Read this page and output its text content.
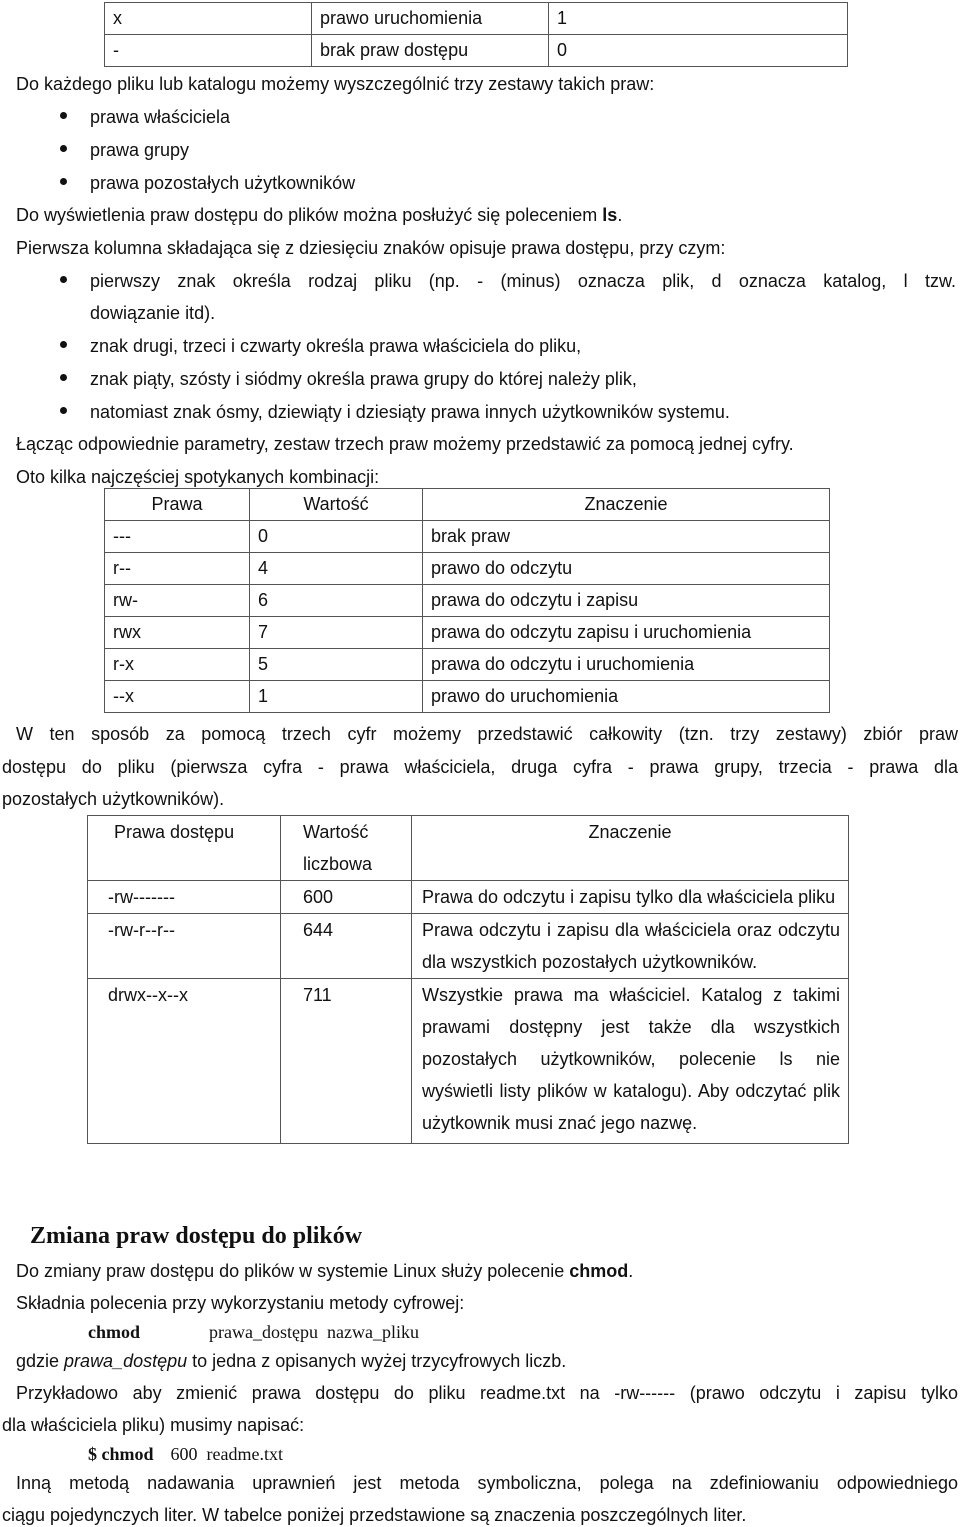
x	prawo uruchomienia	1
-	brak praw dostępu	0
Do każdego pliku lub katalogu możemy wyszczególnić trzy zestawy takich praw:
prawa właściciela
prawa grupy
prawa pozostałych użytkowników
Do wyświetlenia praw dostępu do plików można posłużyć się poleceniem ls.
Pierwsza kolumna składająca się z dziesięciu znaków opisuje prawa dostępu, przy czym:
pierwszy znak określa rodzaj pliku (np. - (minus) oznacza plik, d oznacza katalog, l tzw.
dowiązanie itd).
znak drugi, trzeci i czwarty określa prawa właściciela do pliku,
znak piąty, szósty i siódmy określa prawa grupy do której należy plik,
natomiast znak ósmy, dziewiąty i dziesiąty prawa innych użytkowników systemu.
Łącząc odpowiednie parametry, zestaw trzech praw możemy przedstawić za pomocą jednej cyfry.
Oto kilka najczęściej spotykanych kombinacji:
Prawa	Wartość	Znaczenie
---	0	brak praw
r--	4	prawo do odczytu
rw-	6	prawa do odczytu i zapisu
rwx	7	prawa do odczytu zapisu i uruchomienia
r-x	5	prawa do odczytu i uruchomienia
--x	1	prawo do uruchomienia
W ten sposób za pomocą trzech cyfr możemy przedstawić całkowity (tzn. trzy zestawy) zbiór praw
dostępu do pliku (pierwsza cyfra - prawa właściciela, druga cyfra - prawa grupy, trzecia - prawa dla
pozostałych użytkowników).
Prawa dostępu	Wartość liczbowa	Znaczenie
-rw-------	600	Prawa do odczytu i zapisu tylko dla właściciela pliku
-rw-r--r--	644	Prawa odczytu i zapisu dla właściciela oraz odczytu dla wszystkich pozostałych użytkowników.
drwx--x--x	711	Wszystkie prawa ma właściciel. Katalog z takimi prawami dostępny jest także dla wszystkich pozostałych użytkowników, polecenie ls nie wyświetli listy plików w katalogu). Aby odczytać plik użytkownik musi znać jego nazwę.
Zmiana praw dostępu do plików
Do zmiany praw dostępu do plików w systemie Linux służy polecenie chmod.
Składnia polecenia przy wykorzystaniu metody cyfrowej:
chmod	prawa_dostępu  nazwa_pliku
gdzie prawa_dostępu to jedna z opisanych wyżej trzycyfrowych liczb.
Przykładowo aby zmienić prawa dostępu do pliku readme.txt na -rw------ (prawo odczytu i zapisu tylko
dla właściciela pliku) musimy napisać:
$ chmod 600  readme.txt
Inną metodą nadawania uprawnień jest metoda symboliczna, polega na zdefiniowaniu odpowiedniego
ciągu pojedynczych liter. W tabelce poniżej przedstawione są znaczenia poszczególnych liter.
